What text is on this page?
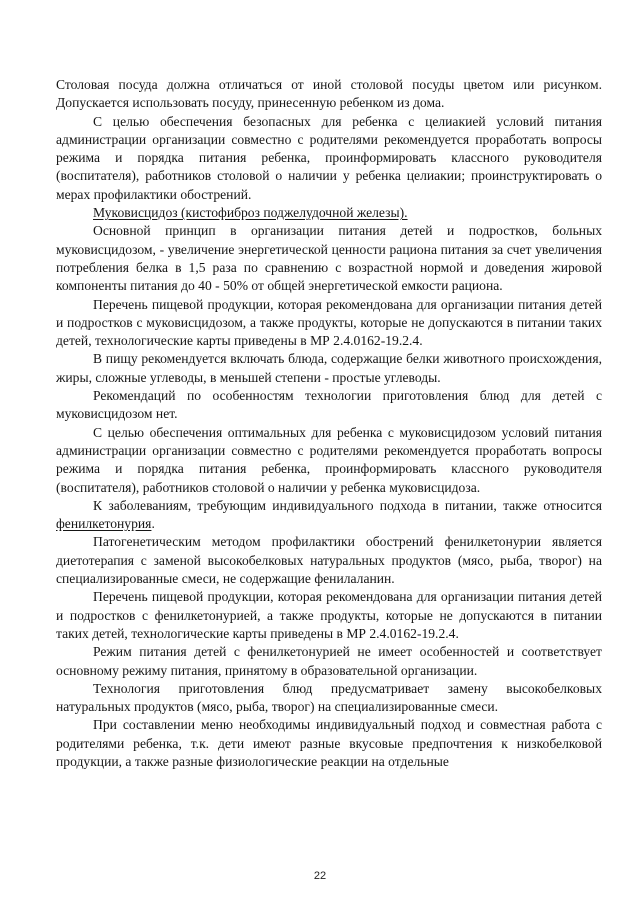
Столовая посуда должна отличаться от иной столовой посуды цветом или рисунком. Допускается использовать посуду, принесенную ребенком из дома.

С целью обеспечения безопасных для ребенка с целиакией условий питания администрации организации совместно с родителями рекомендуется проработать вопросы режима и порядка питания ребенка, проинформировать классного руководителя (воспитателя), работников столовой о наличии у ребенка целиакии; проинструктировать о мерах профилактики обострений.

Муковисцидоз (кистофиброз поджелудочной железы).

Основной принцип в организации питания детей и подростков, больных муковисцидозом, - увеличение энергетической ценности рациона питания за счет увеличения потребления белка в 1,5 раза по сравнению с возрастной нормой и доведения жировой компоненты питания до 40 - 50% от общей энергетической емкости рациона.

Перечень пищевой продукции, которая рекомендована для организации питания детей и подростков с муковисцидозом, а также продукты, которые не допускаются в питании таких детей, технологические карты приведены в МР 2.4.0162-19.2.4.

В пищу рекомендуется включать блюда, содержащие белки животного происхождения, жиры, сложные углеводы, в меньшей степени - простые углеводы.

Рекомендаций по особенностям технологии приготовления блюд для детей с муковисцидозом нет.

С целью обеспечения оптимальных для ребенка с муковисцидозом условий питания администрации организации совместно с родителями рекомендуется проработать вопросы режима и порядка питания ребенка, проинформировать классного руководителя (воспитателя), работников столовой о наличии у ребенка муковисцидоза.

К заболеваниям, требующим индивидуального подхода в питании, также относится фенилкетонурия.

Патогенетическим методом профилактики обострений фенилкетонурии является диетотерапия с заменой высокобелковых натуральных продуктов (мясо, рыба, творог) на специализированные смеси, не содержащие фенилаланин.

Перечень пищевой продукции, которая рекомендована для организации питания детей и подростков с фенилкетонурией, а также продукты, которые не допускаются в питании таких детей, технологические карты приведены в МР 2.4.0162-19.2.4.

Режим питания детей с фенилкетонурией не имеет особенностей и соответствует основному режиму питания, принятому в образовательной организации.

Технология приготовления блюд предусматривает замену высокобелковых натуральных продуктов (мясо, рыба, творог) на специализированные смеси.

При составлении меню необходимы индивидуальный подход и совместная работа с родителями ребенка, т.к. дети имеют разные вкусовые предпочтения к низкобелковой продукции, а также разные физиологические реакции на отдельные

22
